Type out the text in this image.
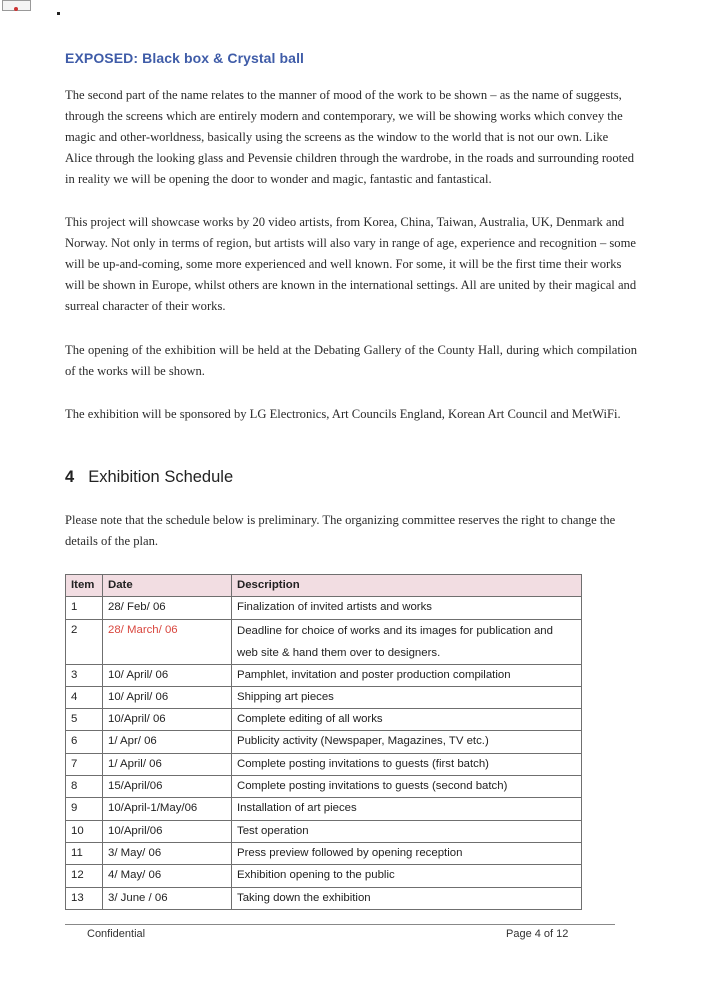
EXPOSED: Black box & Crystal ball

The second part of the name relates to the manner of mood of the work to be shown – as the name of suggests, through the screens which are entirely modern and contemporary, we will be showing works which convey the magic and other-worldness, basically using the screens as the window to the world that is not our own. Like Alice through the looking glass and Pevensie children through the wardrobe, in the roads and surrounding rooted in reality we will be opening the door to wonder and magic, fantastic and fantastical.

This project will showcase works by 20 video artists, from Korea, China, Taiwan, Australia, UK, Denmark and Norway. Not only in terms of region, but artists will also vary in range of age, experience and recognition – some will be up-and-coming, some more experienced and well known. For some, it will be the first time their works will be shown in Europe, whilst others are known in the international settings. All are united by their magical and surreal character of their works.

The opening of the exhibition will be held at the Debating Gallery of the County Hall, during which compilation of the works will be shown.

The exhibition will be sponsored by LG Electronics, Art Councils England, Korean Art Council and MetWiFi.

4 Exhibition Schedule

Please note that the schedule below is preliminary. The organizing committee reserves the right to change the details of the plan.

Item	Date	Description
1	28/ Feb/ 06	Finalization of invited artists and works
2	28/ March/ 06	Deadline for choice of works and its images for publication and web site & hand them over to designers.
3	10/ April/ 06	Pamphlet, invitation and poster production compilation
4	10/ April/ 06	Shipping art pieces
5	10/April/ 06	Complete editing of all works
6	1/ Apr/ 06	Publicity activity (Newspaper, Magazines, TV etc.)
7	1/ April/ 06	Complete posting invitations to guests (first batch)
8	15/April/06	Complete posting invitations to guests (second batch)
9	10/April-1/May/06	Installation of art pieces
10	10/April/06	Test operation
11	3/ May/ 06	Press preview followed by opening reception
12	4/ May/ 06	Exhibition opening to the public
13	3/ June / 06	Taking down the exhibition
Confidential	Page 4 of 12
